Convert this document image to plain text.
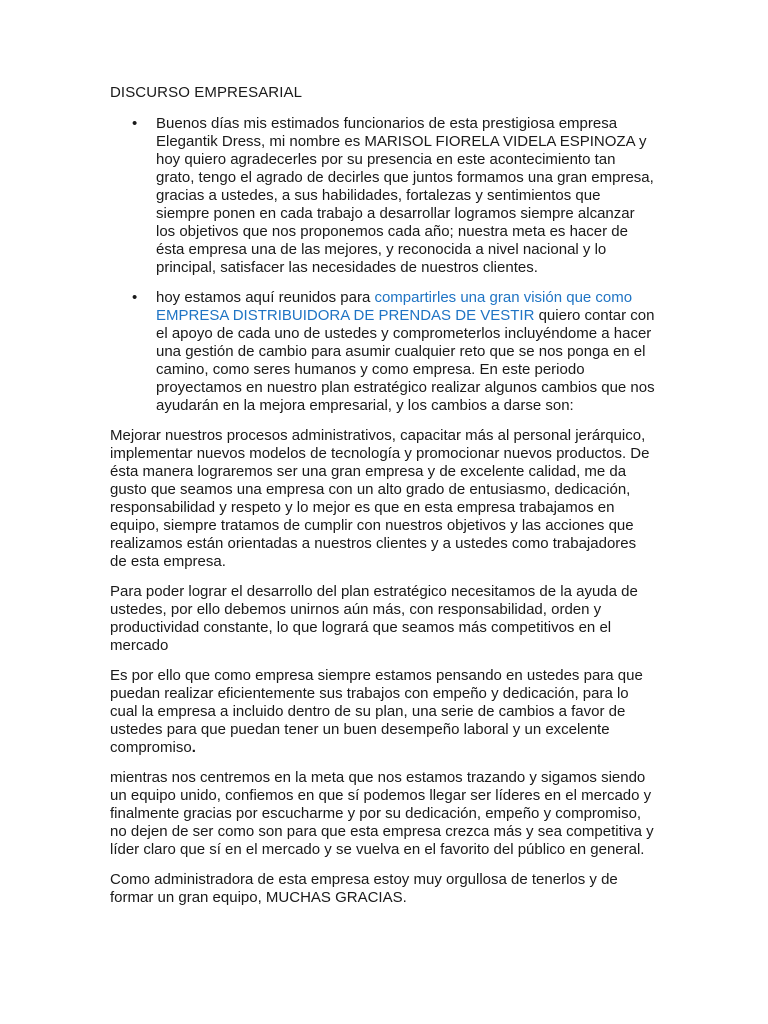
DISCURSO EMPRESARIAL
• Buenos días mis estimados funcionarios de esta prestigiosa empresa Elegantik Dress, mi nombre es MARISOL FIORELA VIDELA ESPINOZA y hoy quiero agradecerles por su presencia en este acontecimiento tan grato, tengo el agrado de decirles que juntos formamos una gran empresa, gracias a ustedes, a sus habilidades, fortalezas y sentimientos que siempre ponen en cada trabajo a desarrollar logramos siempre alcanzar los objetivos que nos proponemos cada año; nuestra meta es hacer de ésta empresa una de las mejores, y reconocida a nivel nacional y lo principal, satisfacer las necesidades de nuestros clientes.
• hoy estamos aquí reunidos para compartirles una gran visión que como EMPRESA DISTRIBUIDORA DE PRENDAS DE VESTIR quiero contar con el apoyo de cada uno de ustedes y comprometerlos incluyéndome a hacer una gestión de cambio para asumir cualquier reto que se nos ponga en el camino, como seres humanos y como empresa. En este periodo proyectamos en nuestro plan estratégico realizar algunos cambios que nos ayudarán en la mejora empresarial, y los cambios a darse son:

Mejorar nuestros procesos administrativos, capacitar más al personal jerárquico, implementar nuevos modelos de tecnología y promocionar nuevos productos. De ésta manera lograremos ser una gran empresa y de excelente calidad, me da gusto que seamos una empresa con un alto grado de entusiasmo, dedicación, responsabilidad y respeto y lo mejor es que en esta empresa trabajamos en equipo, siempre tratamos de cumplir con nuestros objetivos y las acciones que realizamos están orientadas a nuestros clientes y a ustedes como trabajadores de esta empresa.

Para poder lograr el desarrollo del plan estratégico necesitamos de la ayuda de ustedes, por ello debemos unirnos aún más, con responsabilidad, orden y productividad constante, lo que logrará que seamos más competitivos en el mercado

Es por ello que como empresa siempre estamos pensando en ustedes para que puedan realizar eficientemente sus trabajos con empeño y dedicación, para lo cual la empresa a incluido dentro de su plan, una serie de cambios a favor de ustedes para que puedan tener un buen desempeño laboral y un excelente compromiso.

mientras nos centremos en la meta que nos estamos trazando y sigamos siendo un equipo unido, confiemos en que sí podemos llegar ser líderes en el mercado y finalmente gracias por escucharme y por su dedicación, empeño y compromiso, no dejen de ser como son para que esta empresa crezca más y sea competitiva y líder claro que sí en el mercado y se vuelva en el favorito del público en general.

Como administradora de esta empresa estoy muy orgullosa de tenerlos y de formar un gran equipo, MUCHAS GRACIAS.
